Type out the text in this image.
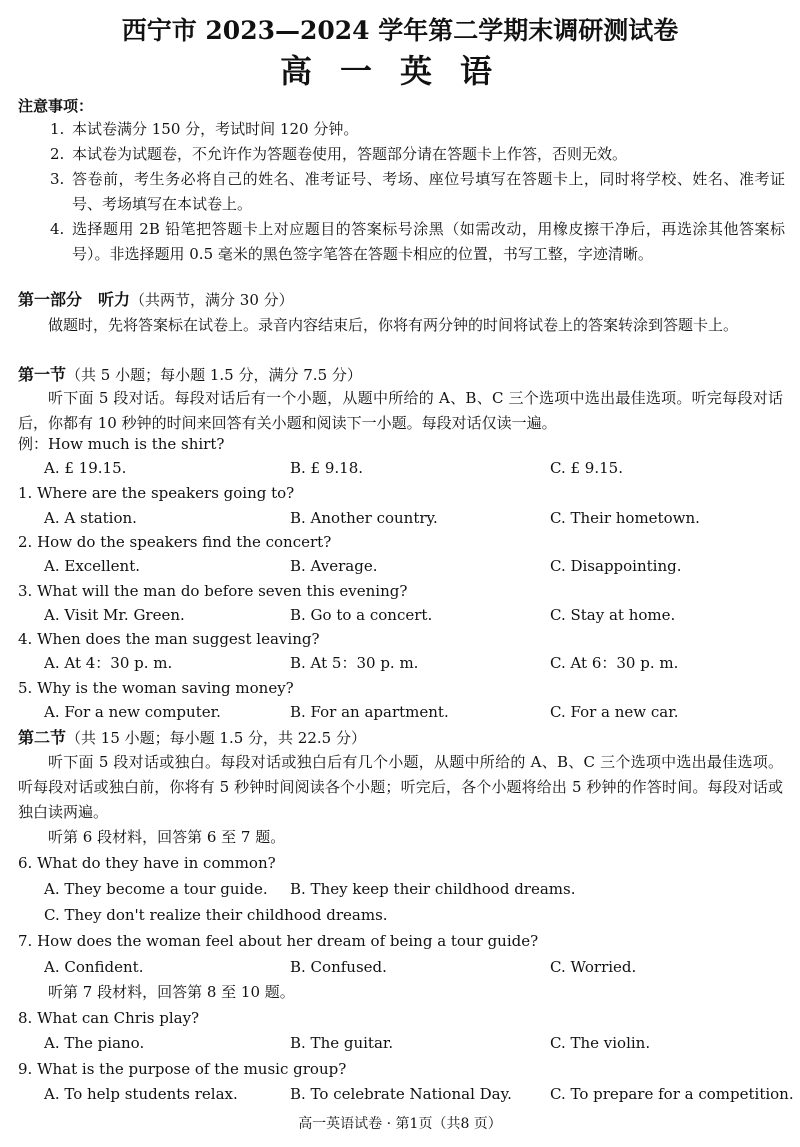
西宁市 2023—2024 学年第二学期末调研测试卷
高一英语
注意事项：
1. 本试卷满分 150 分，考试时间 120 分钟。
2. 本试卷为试题卷，不允许作为答题卷使用，答题部分请在答题卡上作答，否则无效。
3. 答卷前，考生务必将自己的姓名、准考证号、考场、座位号填写在答题卡上，同时将学校、姓名、准考证号、考场填写在本试卷上。
4. 选择题用 2B 铅笔把答题卡上对应题目的答案标号涂黑（如需改动，用橡皮擦干净后，再选涂其他答案标号）。非选择题用 0.5 毫米的黑色签字笔答在答题卡相应的位置，书写工整，字迹清晰。
第一部分　听力（共两节，满分 30 分）
做题时，先将答案标在试卷上。录音内容结束后，你将有两分钟的时间将试卷上的答案转涂到答题卡上。
第一节（共 5 小题；每小题 1.5 分，满分 7.5 分）
听下面 5 段对话。每段对话后有一个小题，从题中所给的 A、B、C 三个选项中选出最佳选项。听完每段对话后，你都有 10 秒钟的时间来回答有关小题和阅读下一小题。每段对话仅读一遍。
例：How much is the shirt?
A. £ 19.15.	B. £ 9.18.	C. £ 9.15.
1. Where are the speakers going to?
A. A station.	B. Another country.	C. Their hometown.
2. How do the speakers find the concert?
A. Excellent.	B. Average.	C. Disappointing.
3. What will the man do before seven this evening?
A. Visit Mr. Green.	B. Go to a concert.	C. Stay at home.
4. When does the man suggest leaving?
A. At 4：30 p. m.	B. At 5：30 p. m.	C. At 6：30 p. m.
5. Why is the woman saving money?
A. For a new computer.	B. For an apartment.	C. For a new car.
第二节（共 15 小题；每小题 1.5 分，共 22.5 分）
听下面 5 段对话或独白。每段对话或独白后有几个小题，从题中所给的 A、B、C 三个选项中选出最佳选项。听每段对话或独白前，你将有 5 秒钟时间阅读各个小题；听完后，各个小题将给出 5 秒钟的作答时间。每段对话或独白读两遍。
听第 6 段材料，回答第 6 至 7 题。
6. What do they have in common?
A. They become a tour guide. B. They keep their childhood dreams.
C. They don't realize their childhood dreams.
7. How does the woman feel about her dream of being a tour guide?
A. Confident.	B. Confused.	C. Worried.
听第 7 段材料，回答第 8 至 10 题。
8. What can Chris play?
A. The piano.	B. The guitar.	C. The violin.
9. What is the purpose of the music group?
A. To help students relax.	B. To celebrate National Day.	C. To prepare for a competition.
高一英语试卷 · 第1页（共8 页）
